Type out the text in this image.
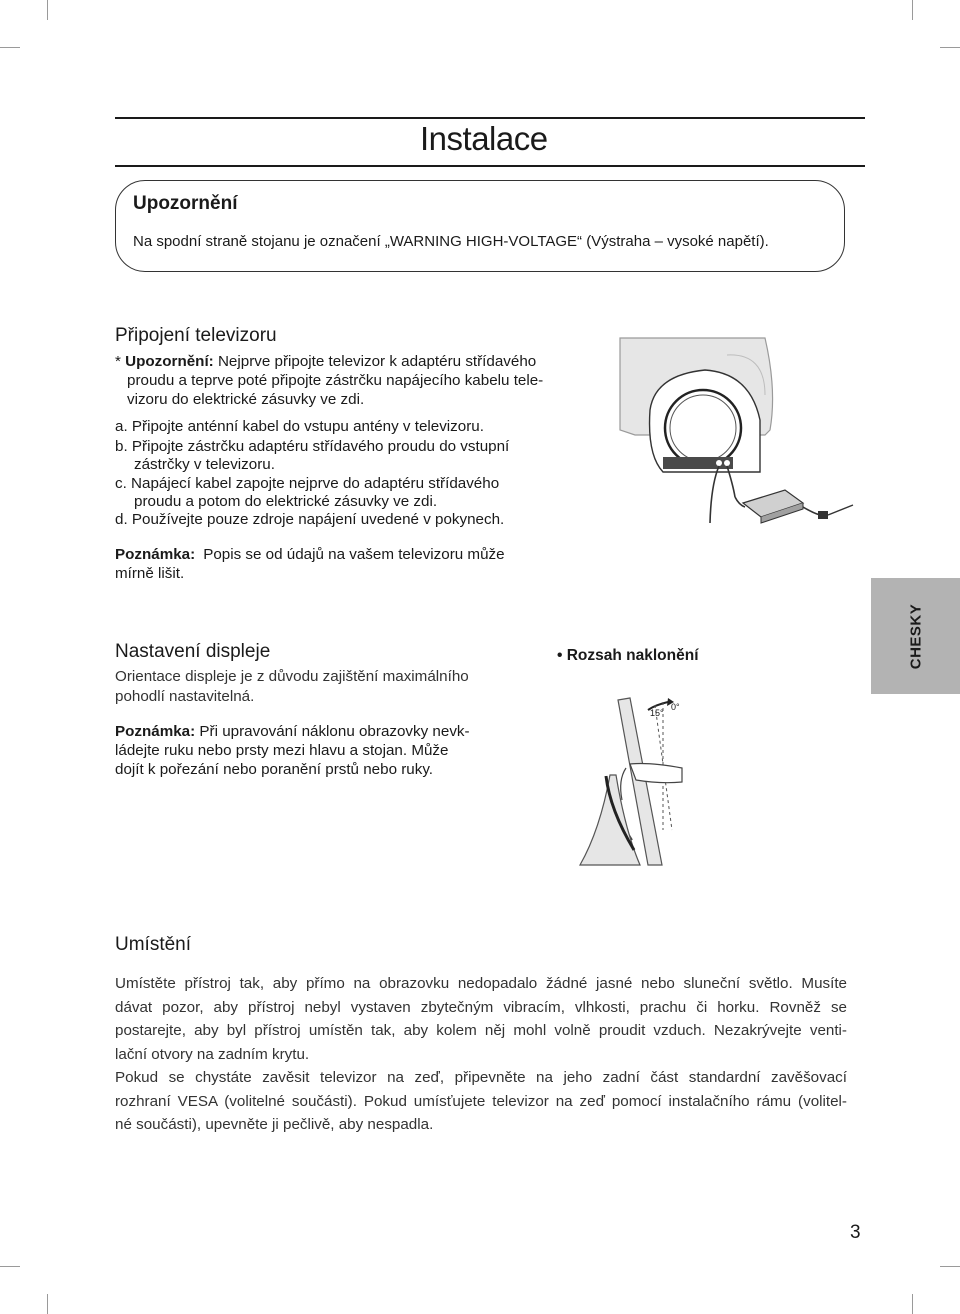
Instalace
Upozornění
Na spodní straně stojanu je označení „WARNING HIGH-VOLTAGE“ (Výstraha – vysoké napětí).
Připojení televizoru
* Upozornění: Nejprve připojte televizor k adaptéru střídavého
proudu a teprve poté připojte zástrčku napájecího kabelu tele-
vizoru do elektrické zásuvky ve zdi.
a. Připojte anténní kabel do vstupu antény v televizoru.
b. Připojte zástrčku adaptéru střídavého proudu do vstupní
zástrčky v televizoru.
c. Napájecí kabel zapojte nejprve do adaptéru střídavého
proudu a potom do elektrické zásuvky ve zdi.
d. Používejte pouze zdroje napájení uvedené v pokynech.
Poznámka: Popis se od údajů na vašem televizoru může
mírně lišit.
CHESKY
Nastavení displeje
Orientace displeje je z důvodu zajištění maximálního
pohodlí nastavitelná.
Poznámka: Při upravování náklonu obrazovky nevk-
ládejte ruku nebo prsty mezi hlavu a stojan. Může
dojít k pořezání nebo poranění prstů nebo ruky.
• Rozsah naklonění
15°
0°
Umístění
Umístěte přístroj tak, aby přímo na obrazovku nedopadalo žádné jasné nebo sluneční světlo. Musíte
dávat pozor, aby přístroj nebyl vystaven zbytečným vibracím, vlhkosti, prachu či horku. Rovněž se
postarejte, aby byl přístroj umístěn tak, aby kolem něj mohl volně proudit vzduch. Nezakrývejte venti-
lační otvory na zadním krytu.
Pokud se chystáte zavěsit televizor na zeď, připevněte na jeho zadní část standardní zavěšovací
rozhraní VESA (volitelné součásti). Pokud umísťujete televizor na zeď pomocí instalačního rámu (volitel-
né součásti), upevněte ji pečlivě, aby nespadla.
3
